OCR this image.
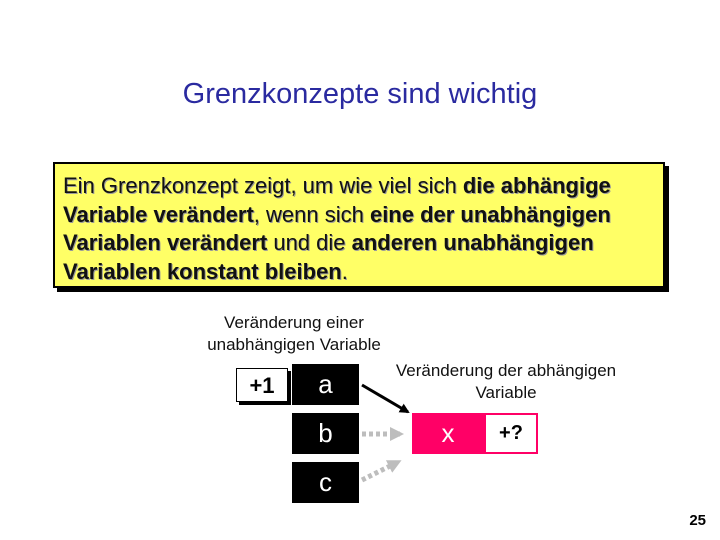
Grenzkonzepte sind wichtig
Ein Grenzkonzept zeigt, um wie viel sich die abhängige Variable verändert, wenn sich eine der unabhängigen Variablen verändert und die anderen unabhängigen Variablen konstant bleiben.
Veränderung einer unabhängigen Variable
Veränderung der abhängigen Variable
+1	a
b
c
x	+?
25
